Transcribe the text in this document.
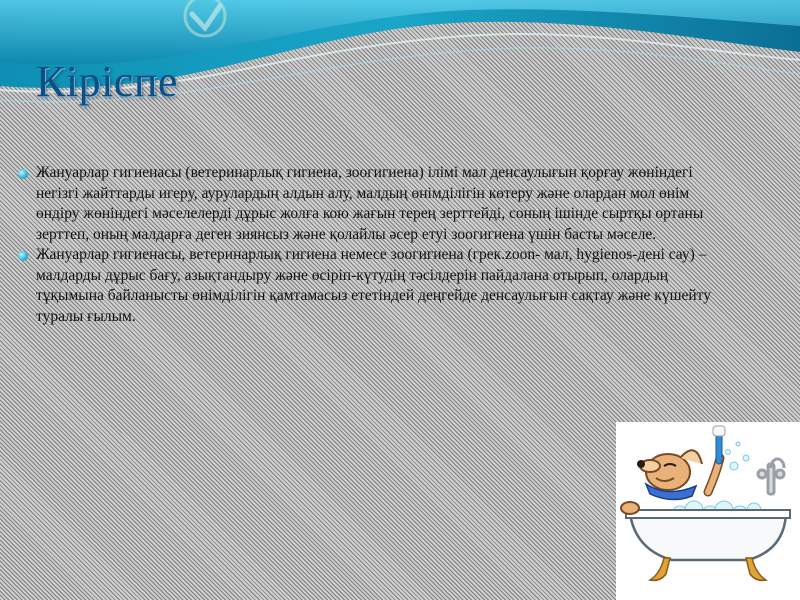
Кіріспе

Жануарлар гигиенасы (ветеринарлық гигиена, зоогигиена) ілімі мал денсаулығын қорғау жөніндегі негізгі жайттарды игеру, аурулардың алдын алу, малдың өнімділігін көтеру және олардан мол өнім өндіру жөніндегі мәселелерді дұрыс жолға кою жағын терең зерттейді, соның ішінде сыртқы ортаны зерттеп, оның малдарға деген зиянсыз және қолайлы әсер етуі зоогигиена үшін басты мәселе.

Жануарлар гигиенасы, ветеринарлық гигиена немесе зоогигиена (грек.zoon- мал, hygienos-дені сау) – малдарды дұрыс бағу, азықтандыру және өсіріп-күтудің тәсілдерін пайдалана отырып, олардың тұқымына байланысты өнімділігін қамтамасыз ететіндей деңгейде денсаулығын сақтау және күшейту туралы ғылым.
